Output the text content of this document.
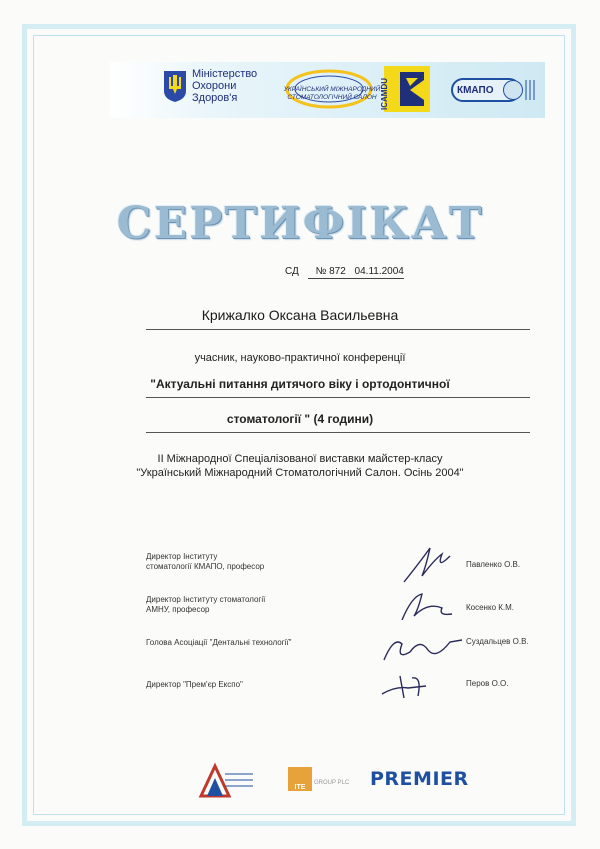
Міністерство
Охорони
Здоров'я
УКРАЇНСЬКИЙ МІЖНАРОДНИЙ СТОМАТОЛОГІЧНИЙ САЛОН ICAMDU	КМАПО
СЕРТИФІКАТ
СД № 872 04.11.2004
Крижалко Оксана Васильевна
учасник, науково-практичної конференції
"Актуальні питання дитячого віку і ортодонтичної
стоматології " (4 години)
ІІ Міжнародної Спеціалізованої виставки майстер-класу
"Український Міжнародний Стоматологічний Салон. Осінь 2004"
Директор Інституту
стоматології КМАПО, професор	Павленко О.В.
Директор Інституту стоматології
АМНУ, професор	Косенко К.М.
Голова Асоціації "Дентальні технології"	Суздальцев О.В.
Директор "Прем'єр Експо"	Перов О.О.
ITE
GROUP PLC PREMIER
